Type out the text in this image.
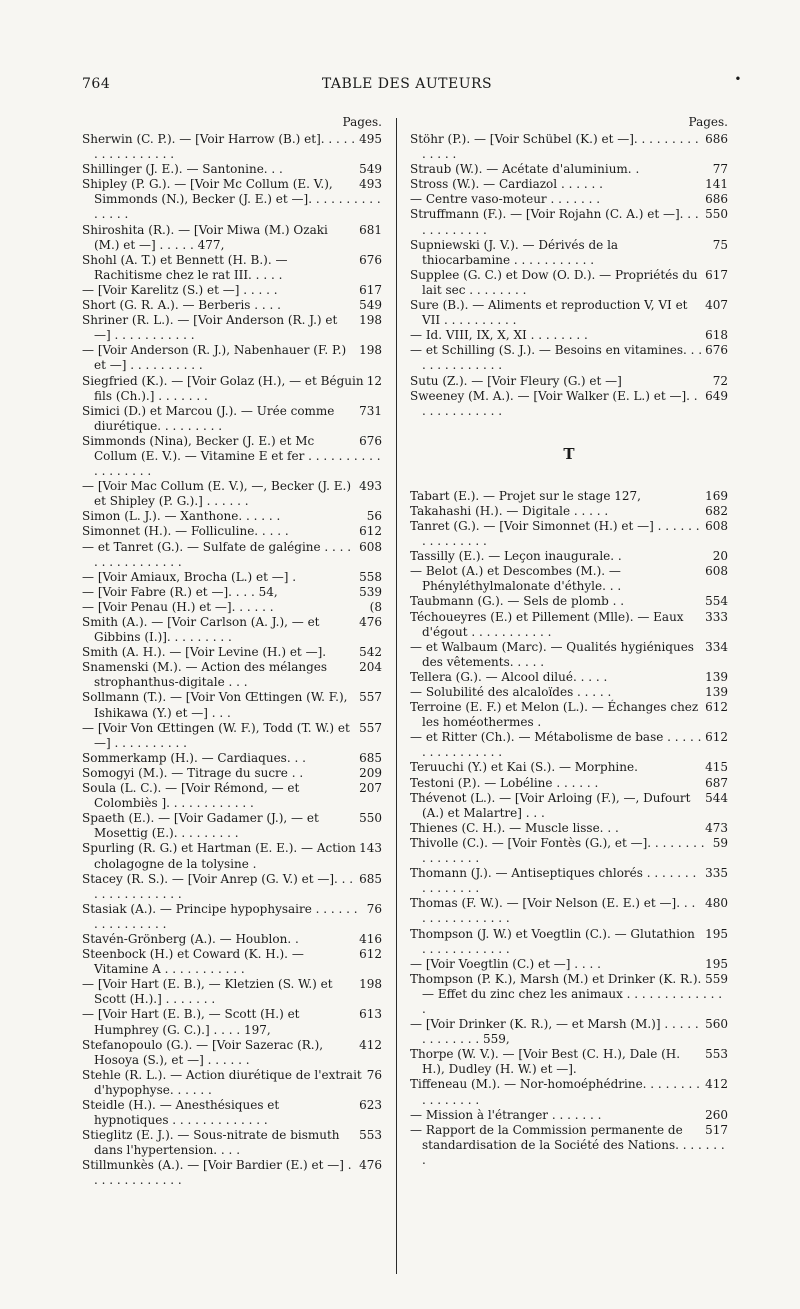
764	TABLE DES AUTEURS	•
Pages.

495
Sherwin (C. P.). — [Voir Harrow (B.) et]. . . . . . . . . . . . . . . .

549
Shillinger (J. E.). — Santonine. . .

493
Shipley (P. G.). — [Voir Mc Collum (E. V.), Simmonds (N.), Becker (J. E.) et —]. . . . . . . . . . . . . . .

681
Shiroshita (R.). — [Voir Miwa (M.) Ozaki (M.) et —] . . . . . 477,

676
Shohl (A. T.) et Bennett (H. B.). — Rachitisme chez le rat III. . . . .

617
— [Voir Karelitz (S.) et —] . . . . .

549
Short (G. R. A.). — Berberis . . . .

198
Shriner (R. L.). — [Voir Anderson (R. J.) et —] . . . . . . . . . . .

198
— [Voir Anderson (R. J.), Nabenhauer (F. P.) et —] . . . . . . . . . .

12
Siegfried (K.). — [Voir Golaz (H.), — et Béguin fils (Ch.).] . . . . . . .

731
Simici (D.) et Marcou (J.). — Urée comme diurétique. . . . . . . . .

676
Simmonds (Nina), Becker (J. E.) et Mc Collum (E. V.). — Vitamine E et fer . . . . . . . . . . . . . . . . . .

493
— [Voir Mac Collum (E. V.), —, Becker (J. E.) et Shipley (P. G.).] . . . . . .

56
Simon (L. J.). — Xanthone. . . . . .

612
Simonnet (H.). — Folliculine. . . . .

608
— et Tanret (G.). — Sulfate de galégine . . . . . . . . . . . . . . . .

558
— [Voir Amiaux, Brocha (L.) et —] .

539
— [Voir Fabre (R.) et —]. . . . 54,

(8
— [Voir Penau (H.) et —]. . . . . .

476
Smith (A.). — [Voir Carlson (A. J.), — et Gibbins (I.)]. . . . . . . . .

542
Smith (A. H.). — [Voir Levine (H.) et —].

204
Snamenski (M.). — Action des mélanges strophanthus-digitale . . .

557
Sollmann (T.). — [Voir Von Œttingen (W. F.), Ishikawa (Y.) et —] . . .

557
— [Voir Von Œttingen (W. F.), Todd (T. W.) et —] . . . . . . . . . .

685
Sommerkamp (H.). — Cardiaques. . .

209
Somogyi (M.). — Titrage du sucre . .

207
Soula (L. C.). — [Voir Rémond, — et Colombiès ]. . . . . . . . . . . .

550
Spaeth (E.). — [Voir Gadamer (J.), — et Mosettig (E.). . . . . . . . .

143
Spurling (R. G.) et Hartman (E. E.). — Action cholagogne de la tolysine .

685
Stacey (R. S.). — [Voir Anrep (G. V.) et —]. . . . . . . . . . . . . . .

76
Stasiak (A.). — Principe hypophysaire . . . . . . . . . . . . . . . .

416
Stavén-Grönberg (A.). — Houblon. .

612
Steenbock (H.) et Coward (K. H.). — Vitamine A . . . . . . . . . . .

198
— [Voir Hart (E. B.), — Kletzien (S. W.) et Scott (H.).] . . . . . . .

613
— [Voir Hart (E. B.), — Scott (H.) et Humphrey (G. C.).] . . . . 197,

412
Stefanopoulo (G.). — [Voir Sazerac (R.), Hosoya (S.), et —] . . . . . .

76
Stehle (R. L.). — Action diurétique de l'extrait d'hypophyse. . . . . .

623
Steidle (H.). — Anesthésiques et hypnotiques . . . . . . . . . . . . .

553
Stieglitz (E. J.). — Sous-nitrate de bismuth dans l'hypertension. . . .

476
Stillmunkès (A.). — [Voir Bardier (E.) et —] . . . . . . . . . . . . .

Pages.

686
Stöhr (P.). — [Voir Schübel (K.) et —]. . . . . . . . . . . . . .

77
Straub (W.). — Acétate d'aluminium. .

141
Stross (W.). — Cardiazol . . . . . .

686
— Centre vaso-moteur . . . . . . .

550
Struffmann (F.). — [Voir Rojahn (C. A.) et —]. . . . . . . . . . . .

75
Supniewski (J. V.). — Dérivés de la thiocarbamine . . . . . . . . . . .

617
Supplee (G. C.) et Dow (O. D.). — Propriétés du lait sec . . . . . . . .

407
Sure (B.). — Aliments et reproduction V, VI et VII . . . . . . . . . .

618
— Id. VIII, IX, X, XI . . . . . . . .

676
— et Schilling (S. J.). — Besoins en vitamines. . . . . . . . . . . . . .

72
Sutu (Z.). — [Voir Fleury (G.) et —]

649
Sweeney (M. A.). — [Voir Walker (E. L.) et —]. . . . . . . . . . . . .

T

169
Tabart (E.). — Projet sur le stage 127,

682
Takahashi (H.). — Digitale . . . . .

608
Tanret (G.). — [Voir Simonnet (H.) et —] . . . . . . . . . . . . . . .

20
Tassilly (E.). — Leçon inaugurale. .

608
— Belot (A.) et Descombes (M.). — Phényléthylmalonate d'éthyle. . .

554
Taubmann (G.). — Sels de plomb . .

333
Téchoueyres (E.) et Pillement (Mlle). — Eaux d'égout . . . . . . . . . . .

334
— et Walbaum (Marc). — Qualités hygiéniques des vêtements. . . . .

139
Tellera (G.). — Alcool dilué. . . . .

139
— Solubilité des alcaloïdes . . . . .

612
Terroine (E. F.) et Melon (L.). — Échanges chez les homéothermes .

612
— et Ritter (Ch.). — Métabolisme de base . . . . . . . . . . . . . . . .

415
Teruuchi (Y.) et Kai (S.). — Morphine.

687
Testoni (P.). — Lobéline . . . . . .

544
Thévenot (L.). — [Voir Arloing (F.), —, Dufourt (A.) et Malartre] . . .

473
Thienes (C. H.). — Muscle lisse. . .

59
Thivolle (C.). — [Voir Fontès (G.), et —]. . . . . . . . . . . . . . . .

335
Thomann (J.). — Antiseptiques chlorés . . . . . . . . . . . . . . .

480
Thomas (F. W.). — [Voir Nelson (E. E.) et —]. . . . . . . . . . . . . . .

195
Thompson (J. W.) et Voegtlin (C.). — Glutathion . . . . . . . . . . . .

195
— [Voir Voegtlin (C.) et —] . . . .

559
Thompson (P. K.), Marsh (M.) et Drinker (K. R.). — Effet du zinc chez les animaux . . . . . . . . . . . . . .

560
— [Voir Drinker (K. R.), — et Marsh (M.)] . . . . . . . . . . . . . 559,

553
Thorpe (W. V.). — [Voir Best (C. H.), Dale (H. H.), Dudley (H. W.) et —].

412
Tiffeneau (M.). — Nor-homoéphédrine. . . . . . . . . . . . . . . .

260
— Mission à l'étranger . . . . . . .

517
— Rapport de la Commission permanente de standardisation de la Société des Nations. . . . . . . .
